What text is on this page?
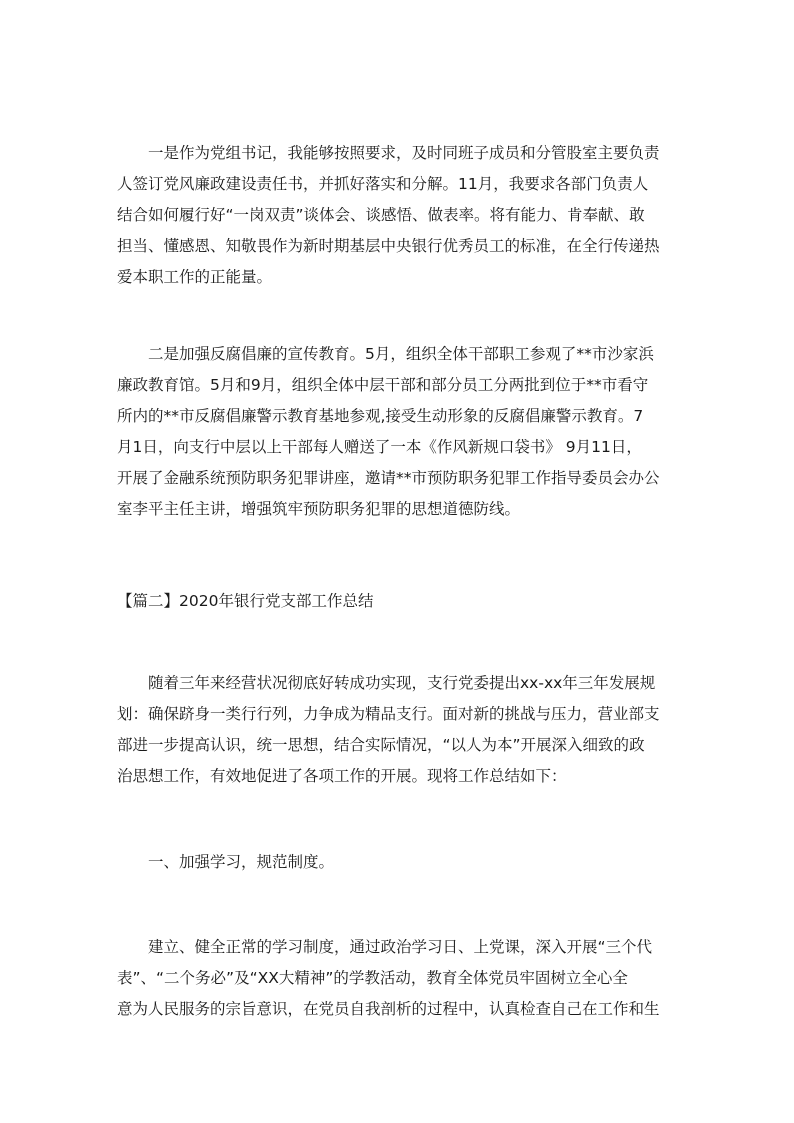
一是作为党组书记，我能够按照要求，及时同班子成员和分管股室主要负责
人签订党风廉政建设责任书，并抓好落实和分解。11月，我要求各部门负责人
结合如何履行好“一岗双责”谈体会、谈感悟、做表率。将有能力、肯奉献、敢
担当、懂感恩、知敬畏作为新时期基层中央银行优秀员工的标准，在全行传递热
爱本职工作的正能量。
二是加强反腐倡廉的宣传教育。5月，组织全体干部职工参观了**市沙家浜
廉政教育馆。5月和9月，组织全体中层干部和部分员工分两批到位于**市看守
所内的**市反腐倡廉警示教育基地参观,接受生动形象的反腐倡廉警示教育。7
月1日，向支行中层以上干部每人赠送了一本《作风新规口袋书》 9月11日，
开展了金融系统预防职务犯罪讲座，邀请**市预防职务犯罪工作指导委员会办公
室李平主任主讲，增强筑牢预防职务犯罪的思想道德防线。
【篇二】2020年银行党支部工作总结
随着三年来经营状况彻底好转成功实现，支行党委提出xx-xx年三年发展规
划：确保跻身一类行行列，力争成为精品支行。面对新的挑战与压力，营业部支
部进一步提高认识，统一思想，结合实际情况，“以人为本”开展深入细致的政
治思想工作，有效地促进了各项工作的开展。现将工作总结如下：
一、加强学习，规范制度。
建立、健全正常的学习制度，通过政治学习日、上党课，深入开展“三个代
表”、“二个务必”及“XX大精神”的学教活动，教育全体党员牢固树立全心全
意为人民服务的宗旨意识，在党员自我剖析的过程中，认真检查自己在工作和生
